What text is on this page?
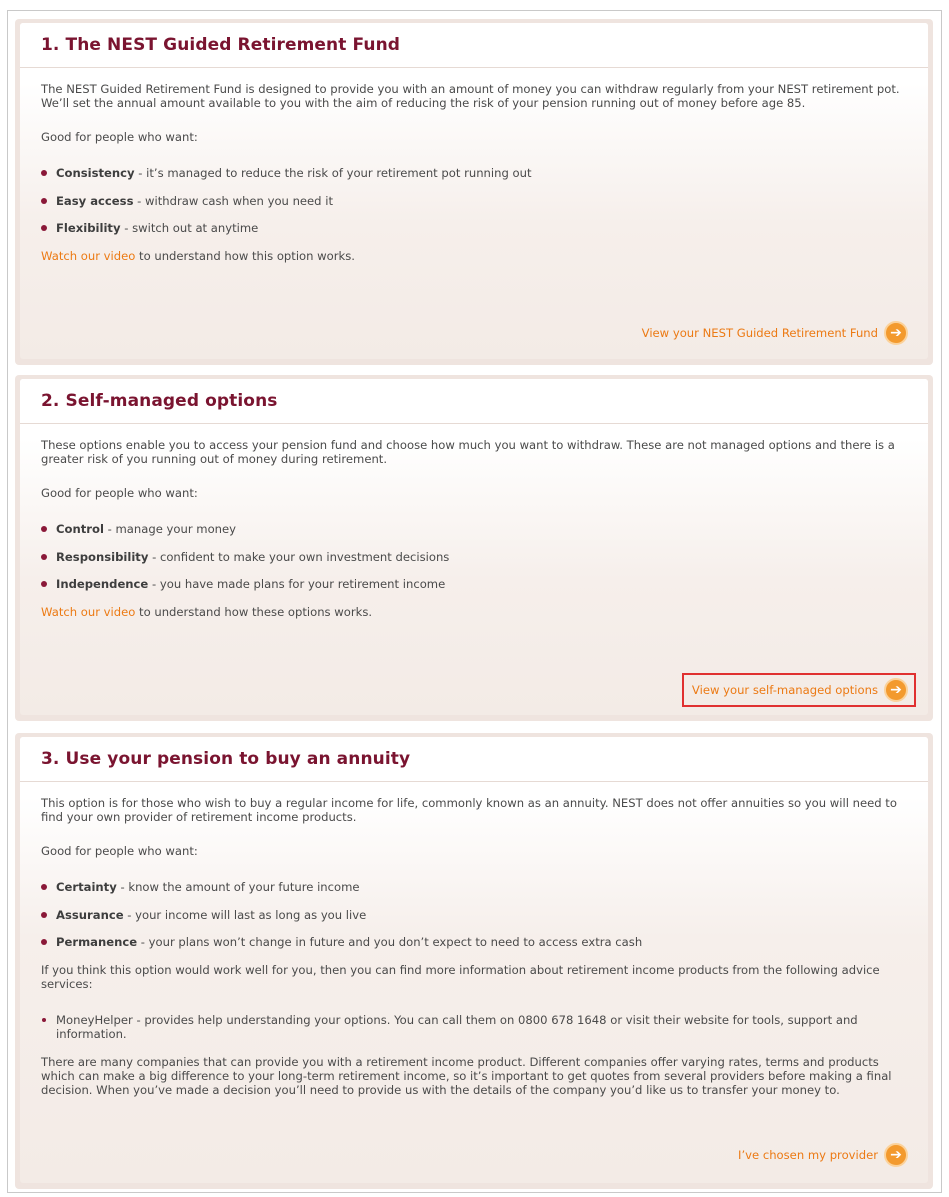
1. The NEST Guided Retirement Fund

The NEST Guided Retirement Fund is designed to provide you with an amount of money you can withdraw regularly from your NEST retirement pot. We’ll set the annual amount available to you with the aim of reducing the risk of your pension running out of money before age 85.

Good for people who want:

Consistency - it’s managed to reduce the risk of your retirement pot running out
Easy access - withdraw cash when you need it
Flexibility - switch out at anytime

Watch our video to understand how this option works.

View your NEST Guided Retirement Fund ➔
2. Self-managed options

These options enable you to access your pension fund and choose how much you want to withdraw. These are not managed options and there is a greater risk of you running out of money during retirement.

Good for people who want:

Control - manage your money
Responsibility - confident to make your own investment decisions
Independence - you have made plans for your retirement income

Watch our video to understand how these options works.

View your self-managed options ➔
3. Use your pension to buy an annuity

This option is for those who wish to buy a regular income for life, commonly known as an annuity. NEST does not offer annuities so you will need to find your own provider of retirement income products.

Good for people who want:

Certainty - know the amount of your future income
Assurance - your income will last as long as you live
Permanence - your plans won’t change in future and you don’t expect to need to access extra cash

If you think this option would work well for you, then you can find more information about retirement income products from the following advice services:

MoneyHelper - provides help understanding your options. You can call them on 0800 678 1648 or visit their website for tools, support and information.

There are many companies that can provide you with a retirement income product. Different companies offer varying rates, terms and products which can make a big difference to your long-term retirement income, so it’s important to get quotes from several providers before making a final decision. When you’ve made a decision you’ll need to provide us with the details of the company you’d like us to transfer your money to.

I’ve chosen my provider ➔
